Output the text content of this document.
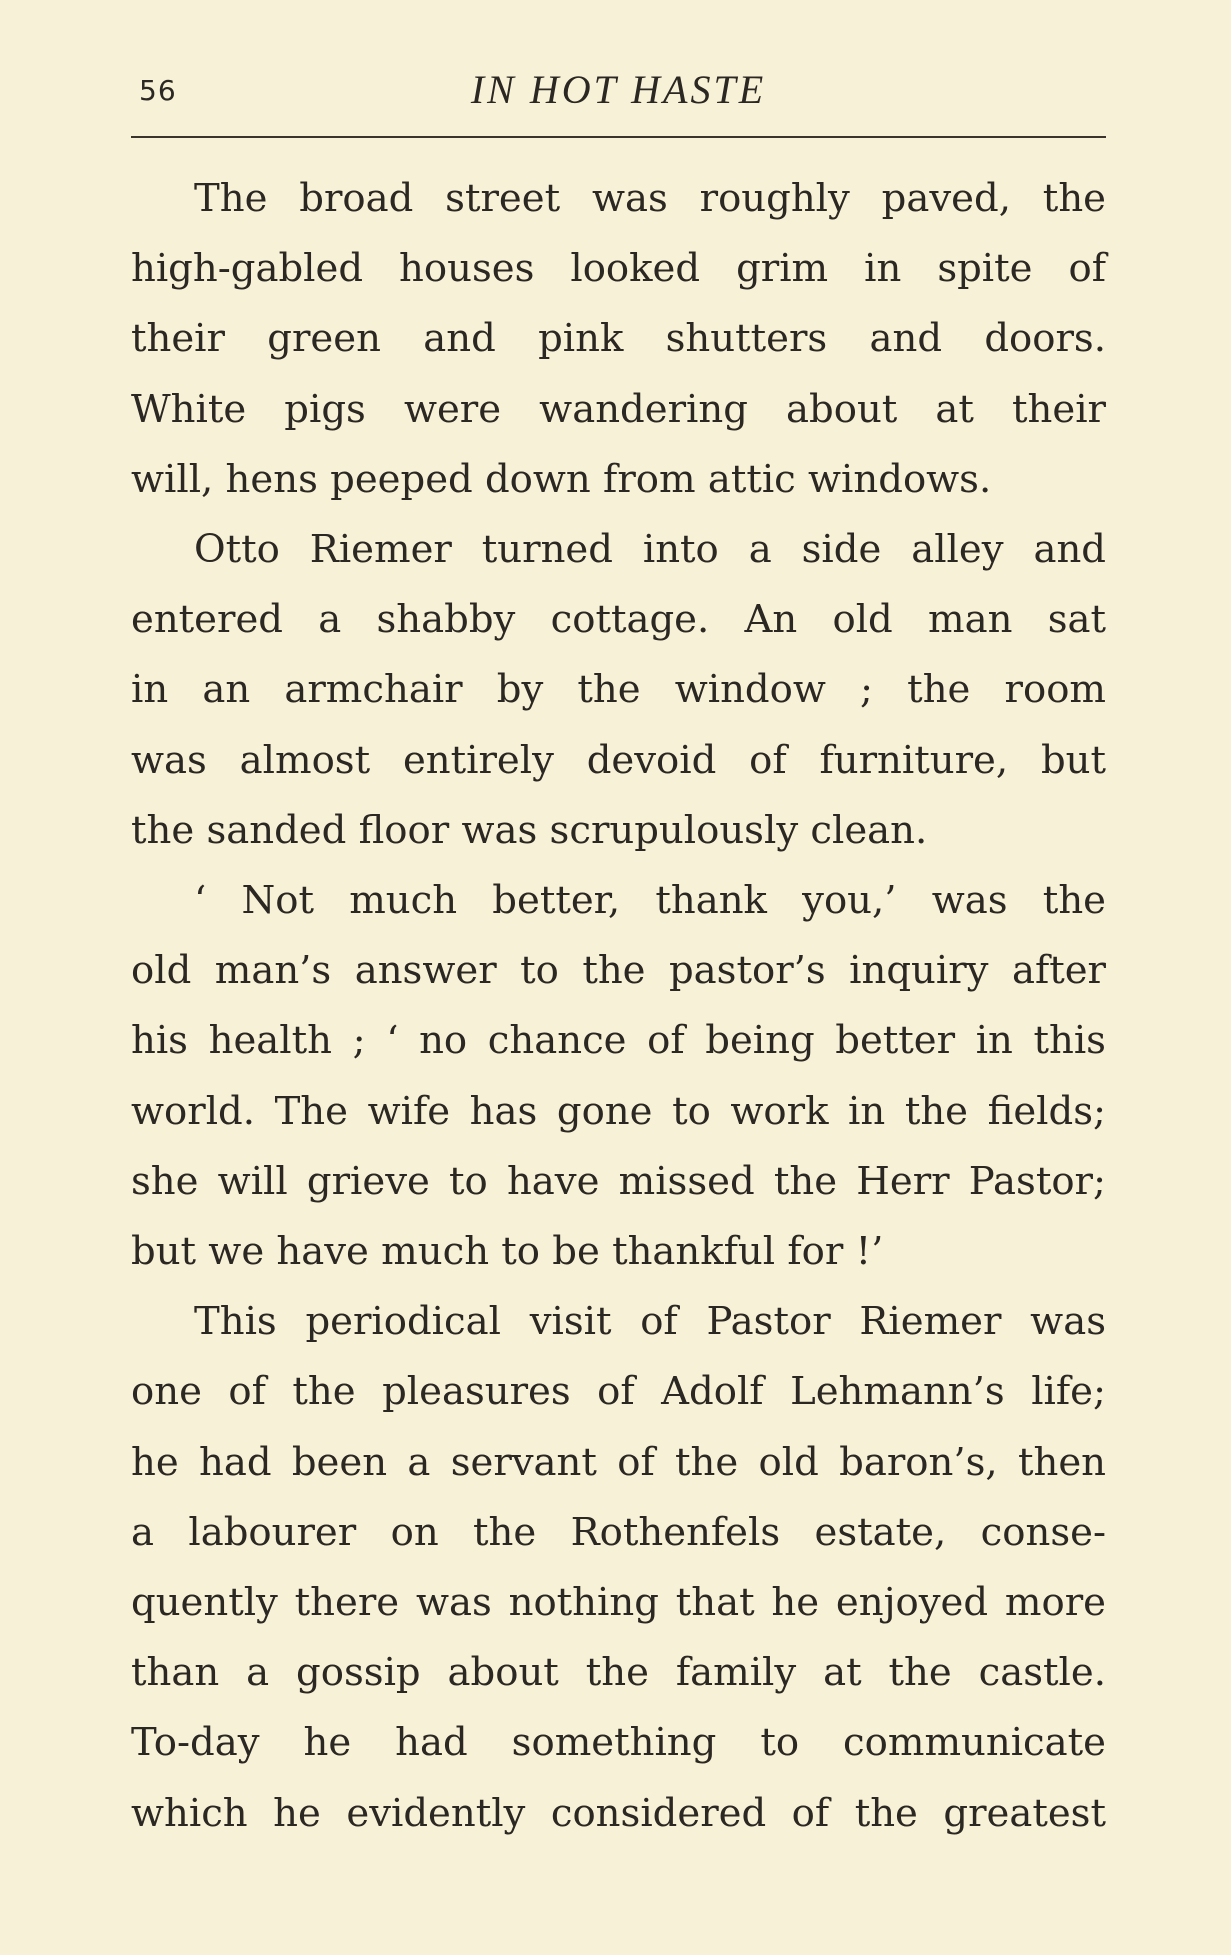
56	IN HOT HASTE
The broad street was roughly paved, the
high-gabled houses looked grim in spite of
their green and pink shutters and doors.
White pigs were wandering about at their
will, hens peeped down from attic windows.
Otto Riemer turned into a side alley and
entered a shabby cottage. An old man sat
in an armchair by the window ; the room
was almost entirely devoid of furniture, but
the sanded floor was scrupulously clean.
‘ Not much better, thank you,’ was the
old man’s answer to the pastor’s inquiry after
his health ; ‘ no chance of being better in this
world. The wife has gone to work in the fields;
she will grieve to have missed the Herr Pastor;
but we have much to be thankful for !’
This periodical visit of Pastor Riemer was
one of the pleasures of Adolf Lehmann’s life;
he had been a servant of the old baron’s, then
a labourer on the Rothenfels estate, conse-
quently there was nothing that he enjoyed more
than a gossip about the family at the castle.
To-day he had something to communicate
which he evidently considered of the greatest
